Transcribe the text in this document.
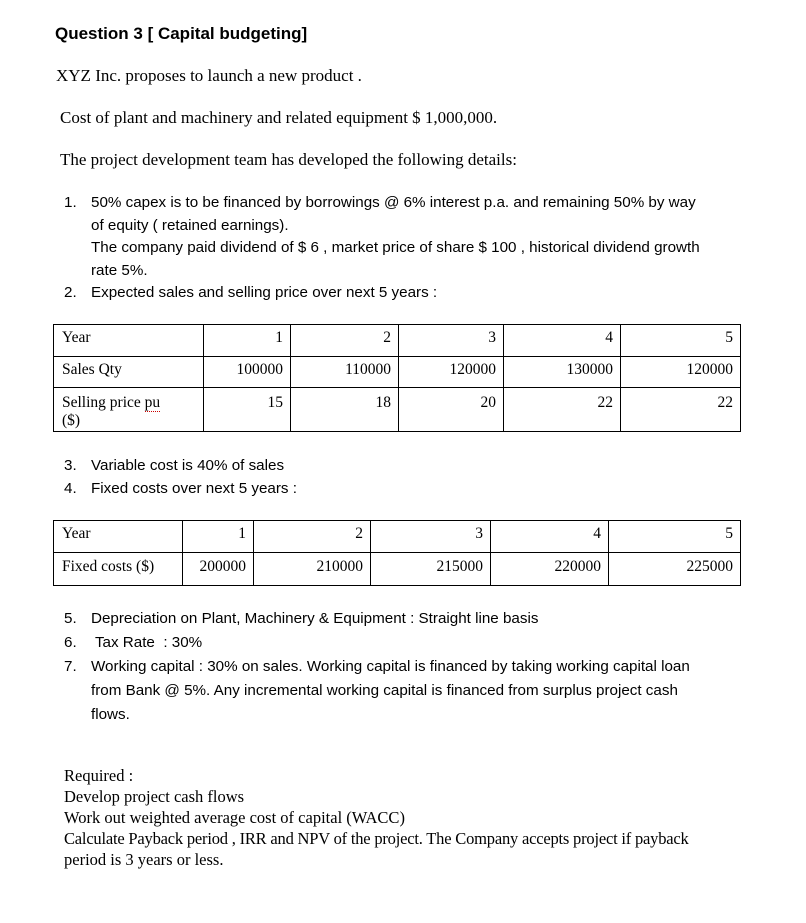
Question 3 [ Capital budgeting]
XYZ Inc. proposes to launch a new product .
Cost of plant and machinery and related equipment $ 1,000,000.
The project development team has developed the following details:
1. 50% capex is to be financed by borrowings @ 6% interest p.a. and remaining 50% by way
of equity ( retained earnings).
The company paid dividend of $ 6 , market price of share $ 100 , historical dividend growth
rate 5%.
2. Expected sales and selling price over next 5 years :
Year	1	2	3	4	5
Sales Qty	100000	110000	120000	130000	120000
Selling price pu
($)	15	18	20	22	22
3. Variable cost is 40% of sales
4. Fixed costs over next 5 years :
Year	1	2	3	4	5
Fixed costs ($)	200000	210000	215000	220000	225000
5. Depreciation on Plant, Machinery & Equipment : Straight line basis
6. Tax Rate  : 30%
7. Working capital : 30% on sales. Working capital is financed by taking working capital loan
from Bank @ 5%. Any incremental working capital is financed from surplus project cash
flows.
Required :
Develop project cash flows
Work out weighted average cost of capital (WACC)
Calculate Payback period , IRR and NPV of the project. The Company accepts project if payback
period is 3 years or less.
